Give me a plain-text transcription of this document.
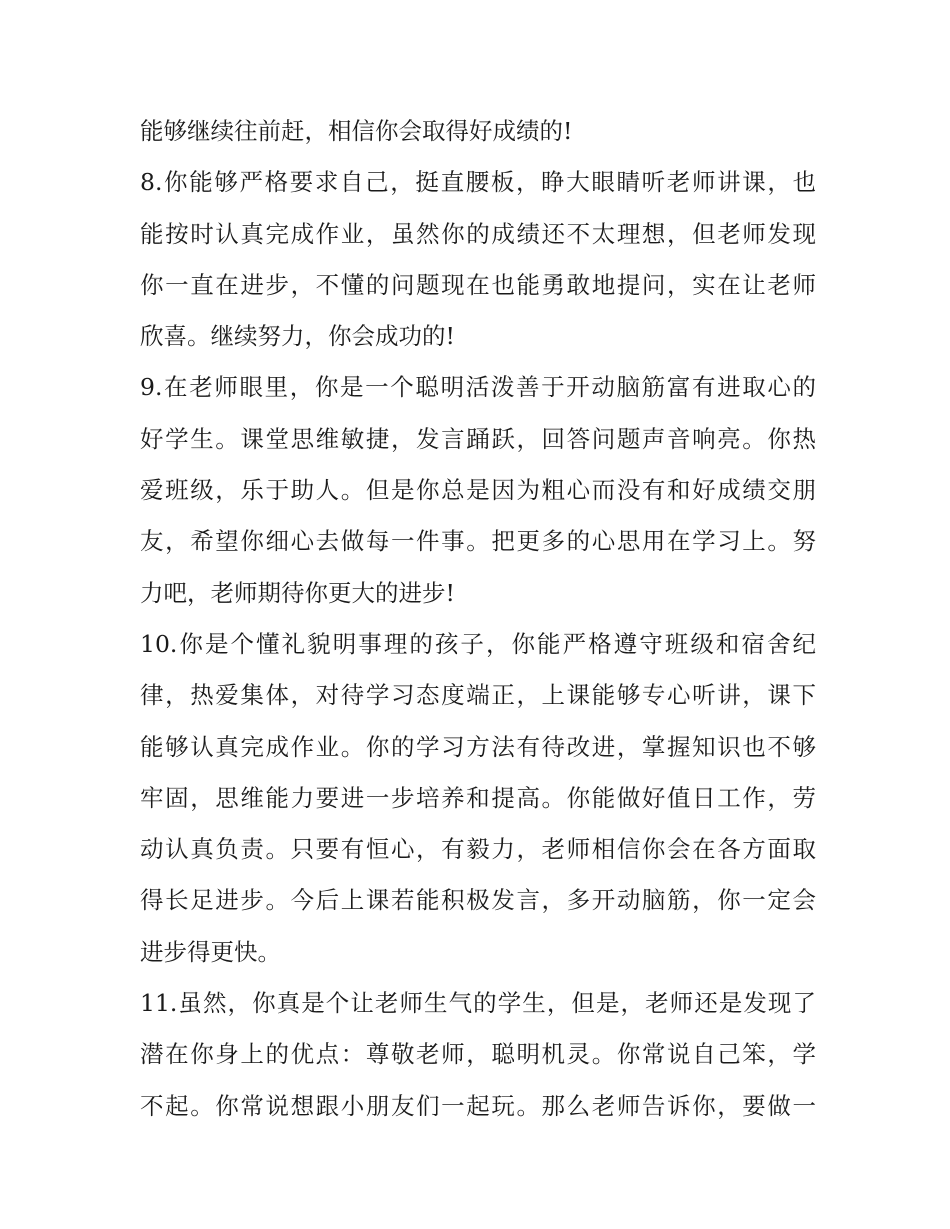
能够继续往前赶，相信你会取得好成绩的!
8.你能够严格要求自己，挺直腰板，睁大眼睛听老师讲课，也
能按时认真完成作业，虽然你的成绩还不太理想，但老师发现
你一直在进步，不懂的问题现在也能勇敢地提问，实在让老师
欣喜。继续努力，你会成功的!
9.在老师眼里，你是一个聪明活泼善于开动脑筋富有进取心的
好学生。课堂思维敏捷，发言踊跃，回答问题声音响亮。你热
爱班级，乐于助人。但是你总是因为粗心而没有和好成绩交朋
友，希望你细心去做每一件事。把更多的心思用在学习上。努
力吧，老师期待你更大的进步!
10.你是个懂礼貌明事理的孩子，你能严格遵守班级和宿舍纪
律，热爱集体，对待学习态度端正，上课能够专心听讲，课下
能够认真完成作业。你的学习方法有待改进，掌握知识也不够
牢固，思维能力要进一步培养和提高。你能做好值日工作，劳
动认真负责。只要有恒心，有毅力，老师相信你会在各方面取
得长足进步。今后上课若能积极发言，多开动脑筋，你一定会
进步得更快。
11.虽然，你真是个让老师生气的学生，但是，老师还是发现了
潜在你身上的优点：尊敬老师，聪明机灵。你常说自己笨，学
不起。你常说想跟小朋友们一起玩。那么老师告诉你，要做一
